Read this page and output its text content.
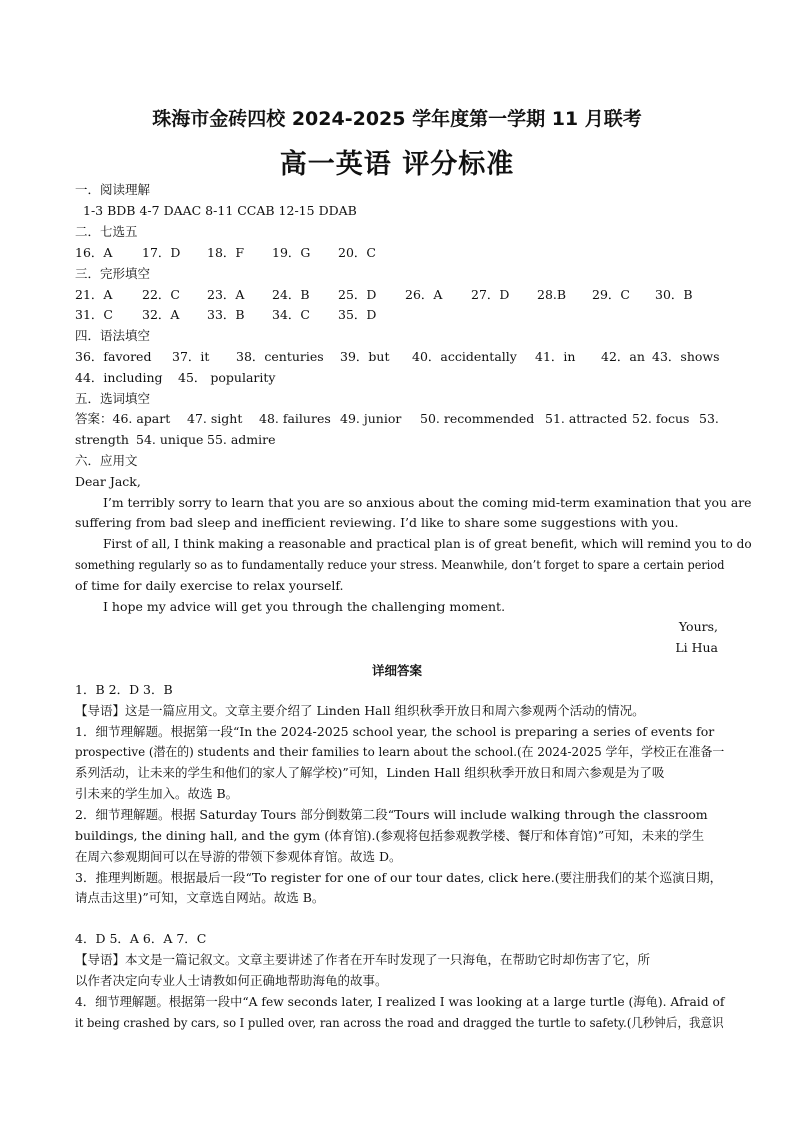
珠海市金砖四校 2024-2025 学年度第一学期 11 月联考
高一英语 评分标准
一．阅读理解
1-3 BDB 4-7 DAAC 8-11 CCAB 12-15 DDAB
二．七选五
16．A 17．D 18．F 19．G 20．C
三．完形填空
21．A 22．C 23．A 24．B 25．D 26．A 27．D 28.B 29．C 30．B
31．C 32．A 33．B 34．C 35．D
四．语法填空
36．favored 37．it 38．centuries 39．but 40．accidentally 41．in 42．an 43．shows
44．including 45． popularity
五．选词填空
答案：46. apart 47. sight 48. failures 49. junior 50. recommended 51. attracted 52. focus 53.
strength 54. unique 55. admire
六．应用文
Dear Jack,
I’m terribly sorry to learn that you are so anxious about the coming mid-term examination that you are
suffering from bad sleep and inefficient reviewing. I’d like to share some suggestions with you.
First of all, I think making a reasonable and practical plan is of great benefit, which will remind you to do
something regularly so as to fundamentally reduce your stress. Meanwhile, don’t forget to spare a certain period
of time for daily exercise to relax yourself.
I hope my advice will get you through the challenging moment.
Yours,
Li Hua
详细答案
1．B 2．D 3．B
【导语】这是一篇应用文。文章主要介绍了 Linden Hall 组织秋季开放日和周六参观两个活动的情况。
1．细节理解题。根据第一段“In the 2024-2025 school year, the school is preparing a series of events for
prospective (潜在的) students and their families to learn about the school.(在 2024-2025 学年，学校正在准备一
系列活动，让未来的学生和他们的家人了解学校)”可知，Linden Hall 组织秋季开放日和周六参观是为了吸
引未来的学生加入。故选 B。
2．细节理解题。根据 Saturday Tours 部分倒数第二段“Tours will include walking through the classroom
buildings, the dining hall, and the gym (体育馆).(参观将包括参观教学楼、餐厅和体育馆)”可知，未来的学生
在周六参观期间可以在导游的带领下参观体育馆。故选 D。
3．推理判断题。根据最后一段“To register for one of our tour dates, click here.(要注册我们的某个巡演日期，
请点击这里)”可知，文章选自网站。故选 B。
4．D 5．A 6．A 7．C
【导语】本文是一篇记叙文。文章主要讲述了作者在开车时发现了一只海龟，在帮助它时却伤害了它，所
以作者决定向专业人士请教如何正确地帮助海龟的故事。
4．细节理解题。根据第一段中“A few seconds later, I realized I was looking at a large turtle (海龟). Afraid of
it being crashed by cars, so I pulled over, ran across the road and dragged the turtle to safety.(几秒钟后，我意识
